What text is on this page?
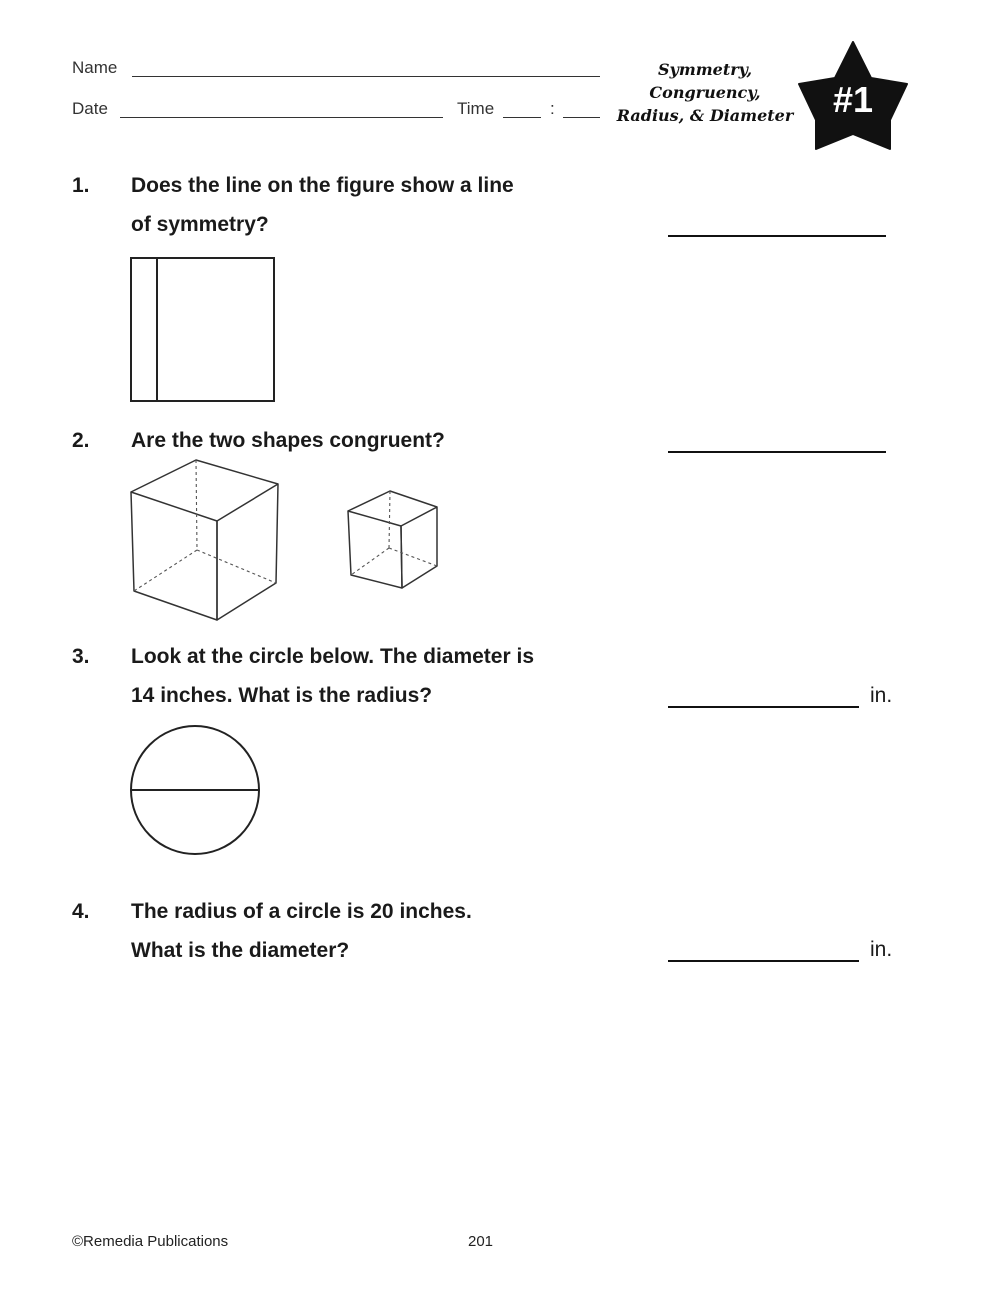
Name
Date	Time	:
Symmetry,
Congruency,
Radius, & Diameter	#1
1. Does the line on the figure show a line
of symmetry?
2. Are the two shapes congruent?
3. Look at the circle below. The diameter is
14 inches. What is the radius?	in.
4. The radius of a circle is 20 inches.
What is the diameter?	in.
©Remedia Publications	201
